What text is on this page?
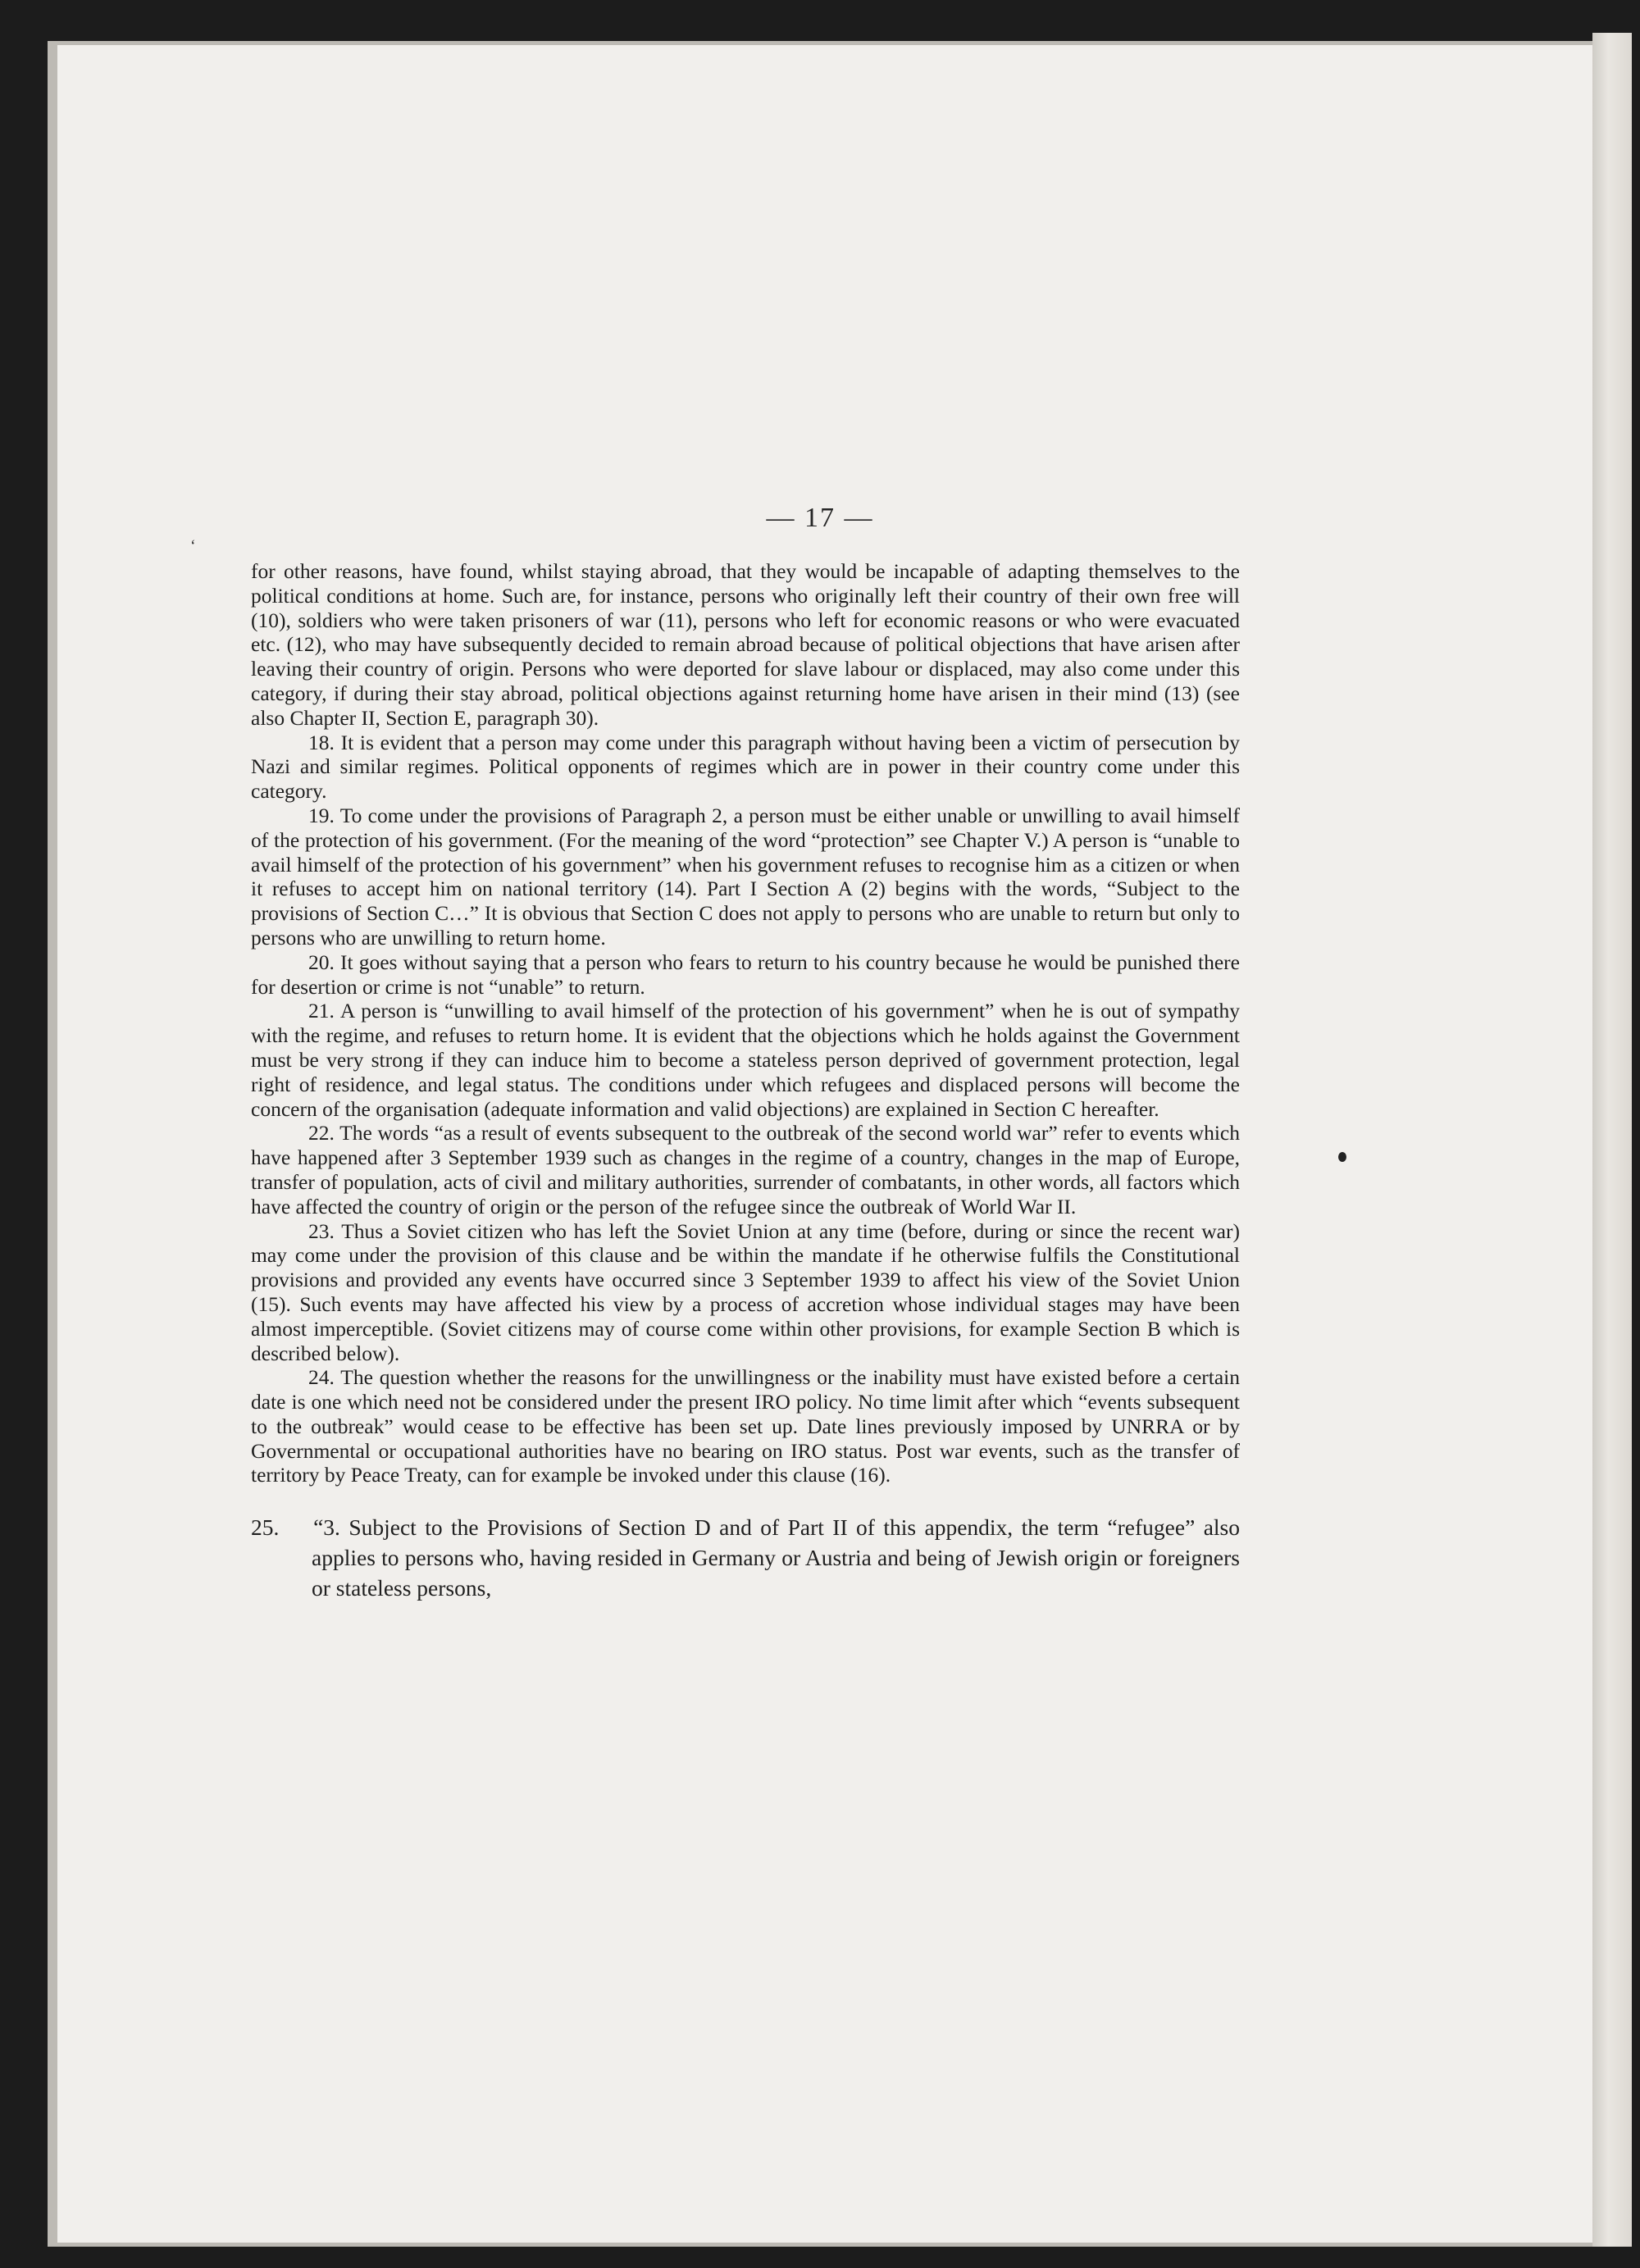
‘
— 17 —

for other reasons, have found, whilst staying abroad, that they would be incapable of adapting themselves to the political conditions at home. Such are, for instance, persons who originally left their country of their own free will (10), soldiers who were taken prisoners of war (11), persons who left for economic reasons or who were evacuated etc. (12), who may have subsequently decided to remain abroad because of political objections that have arisen after leaving their country of origin. Persons who were deported for slave labour or displaced, may also come under this category, if during their stay abroad, political objections against returning home have arisen in their mind (13) (see also Chapter II, Section E, paragraph 30).

18. It is evident that a person may come under this paragraph without having been a victim of persecution by Nazi and similar regimes. Political opponents of regimes which are in power in their country come under this category.

19. To come under the provisions of Paragraph 2, a person must be either unable or unwilling to avail himself of the protection of his government. (For the meaning of the word “protection” see Chapter V.) A person is “unable to avail himself of the protection of his government” when his government refuses to recognise him as a citizen or when it refuses to accept him on national territory (14). Part I Section A (2) begins with the words, “Subject to the provisions of Section C…” It is obvious that Section C does not apply to persons who are unable to return but only to persons who are unwilling to return home.

20. It goes without saying that a person who fears to return to his country because he would be punished there for desertion or crime is not “unable” to return.

21. A person is “unwilling to avail himself of the protection of his government” when he is out of sympathy with the regime, and refuses to return home. It is evident that the objections which he holds against the Government must be very strong if they can induce him to become a stateless person deprived of government protection, legal right of residence, and legal status. The conditions under which refugees and displaced persons will become the concern of the organisation (adequate information and valid objections) are explained in Section C hereafter.

22. The words “as a result of events subsequent to the outbreak of the second world war” refer to events which have happened after 3 September 1939 such as changes in the regime of a country, changes in the map of Europe, transfer of population, acts of civil and military authorities, surrender of combatants, in other words, all factors which have affected the country of origin or the person of the refugee since the outbreak of World War II.

23. Thus a Soviet citizen who has left the Soviet Union at any time (before, during or since the recent war) may come under the provision of this clause and be within the mandate if he otherwise fulfils the Constitutional provisions and provided any events have occurred since 3 September 1939 to affect his view of the Soviet Union (15). Such events may have affected his view by a process of accretion whose individual stages may have been almost imperceptible. (Soviet citizens may of course come within other provisions, for example Section B which is described below).

24. The question whether the reasons for the unwillingness or the inability must have existed before a certain date is one which need not be considered under the present IRO policy. No time limit after which “events subsequent to the outbreak” would cease to be effective has been set up. Date lines previously imposed by UNRRA or by Governmental or occupational authorities have no bearing on IRO status. Post war events, such as the transfer of territory by Peace Treaty, can for example be invoked under this clause (16).

25. “3. Subject to the Provisions of Section D and of Part II of this appendix, the term “refugee” also applies to persons who, having resided in Germany or Austria and being of Jewish origin or foreigners or stateless persons,
